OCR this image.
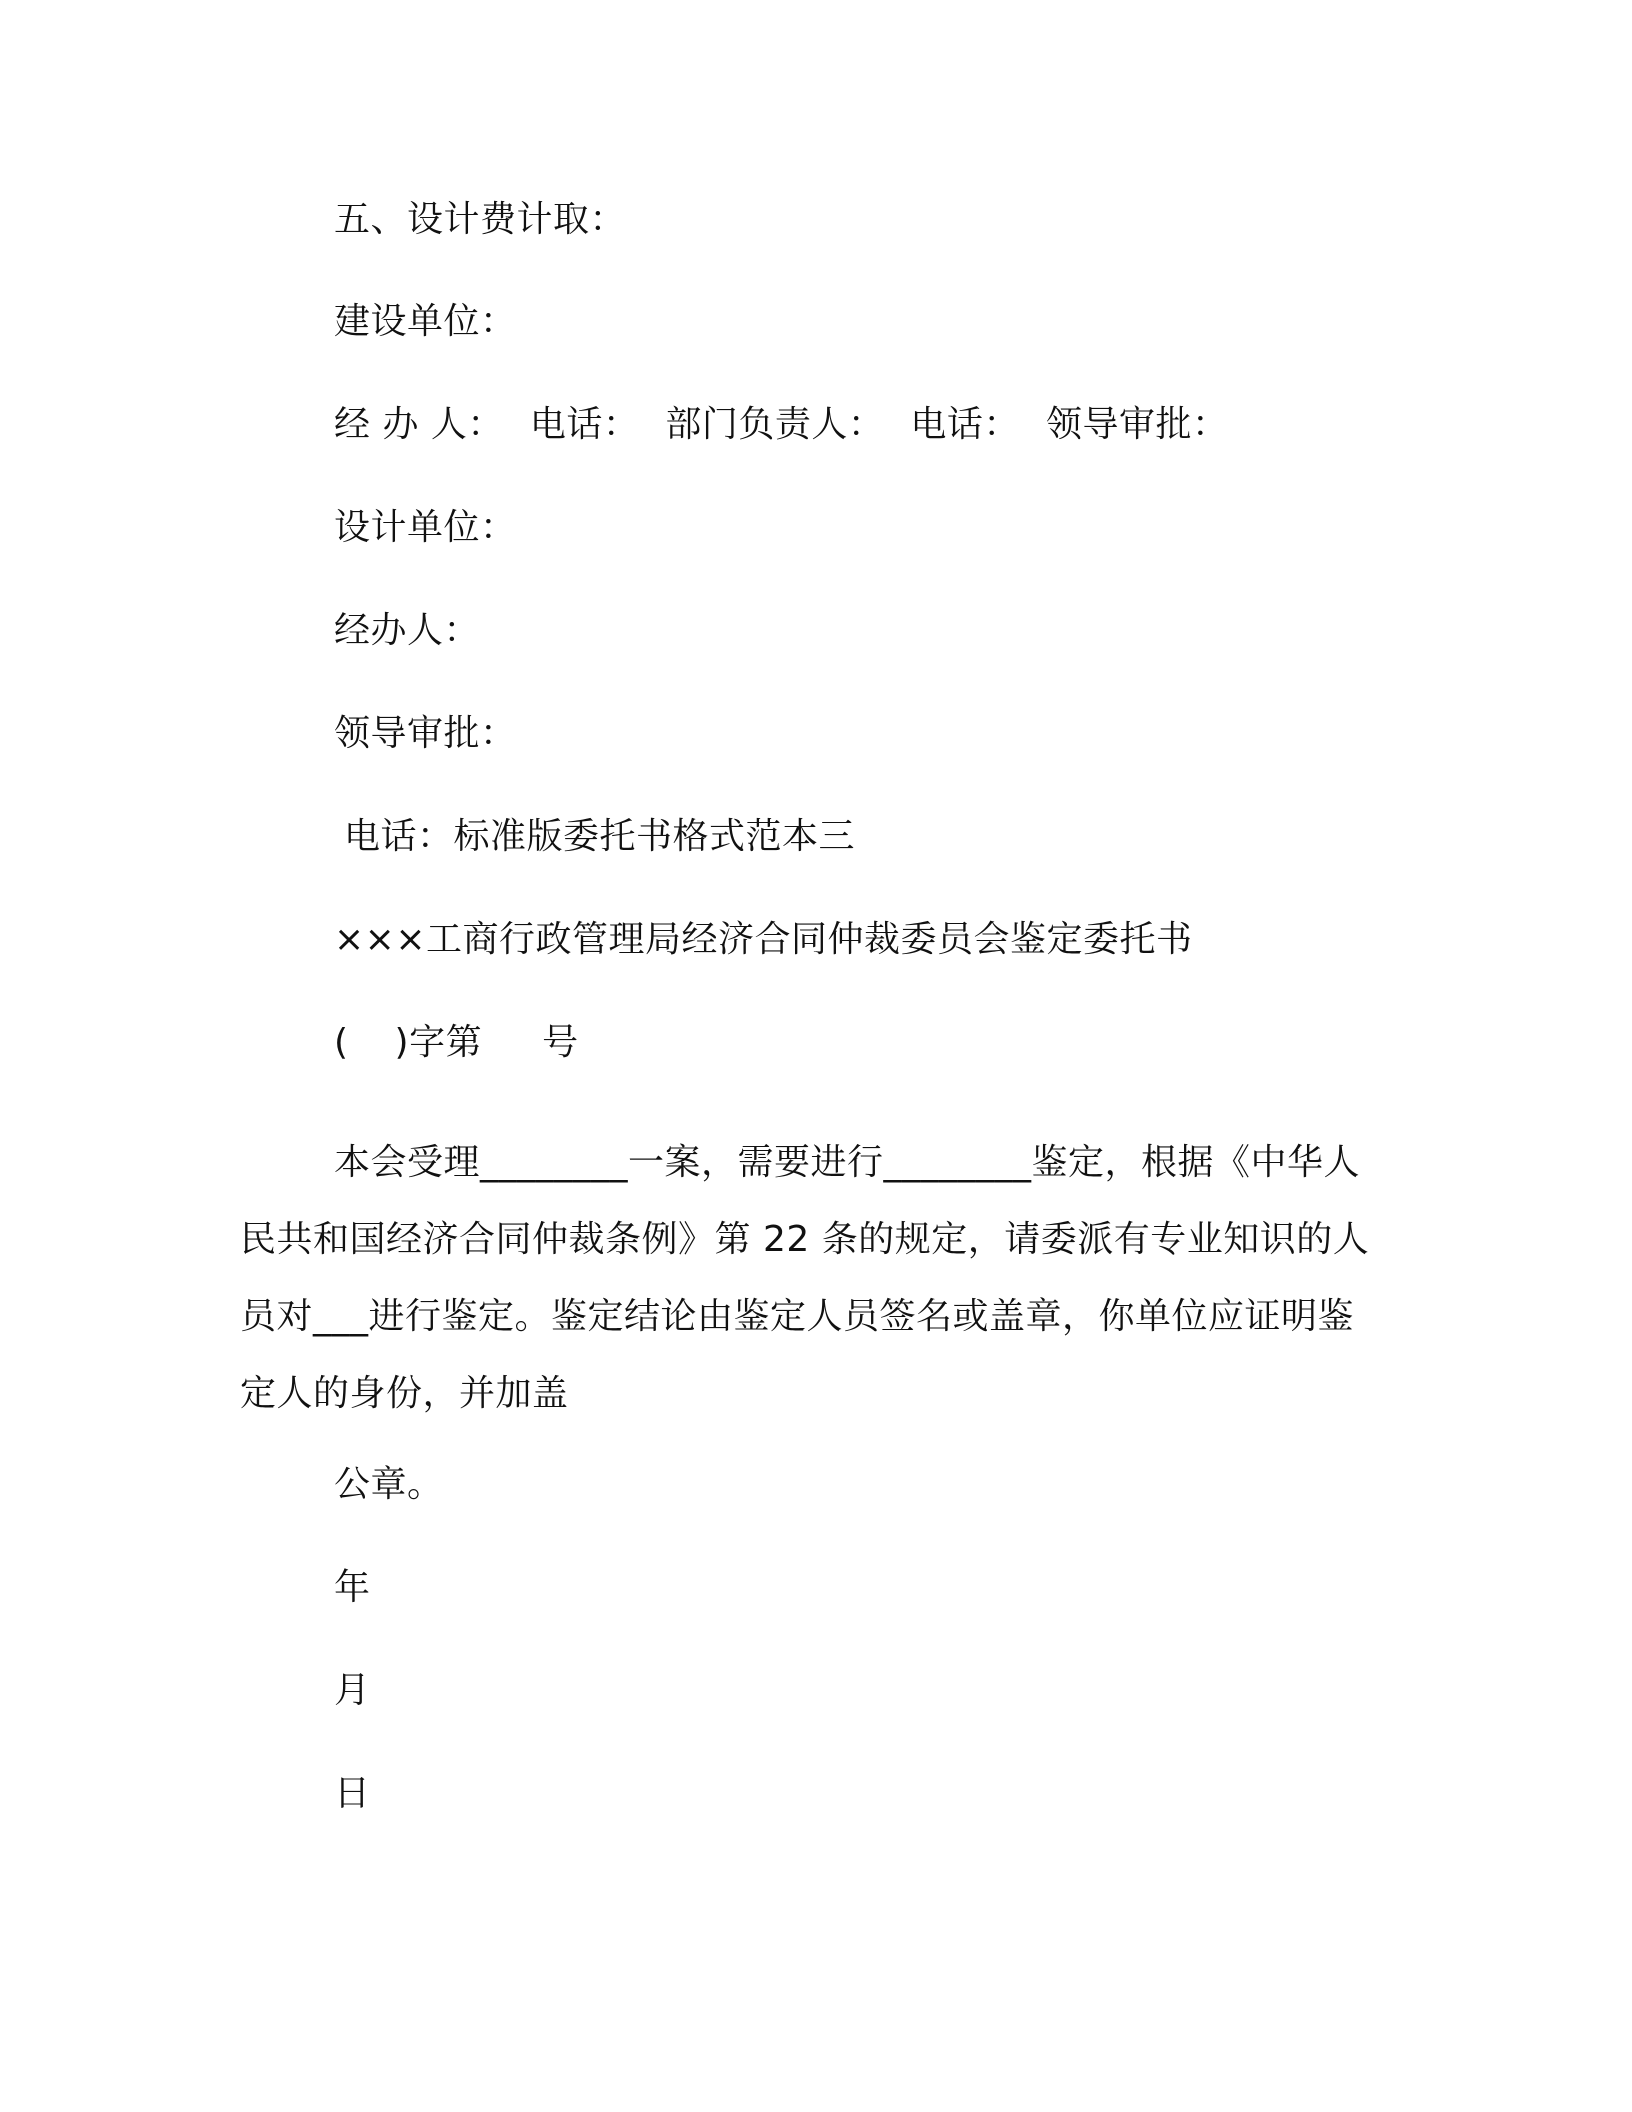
五、设计费计取：
建设单位：
经 办 人： 电话： 部门负责人： 电话： 领导审批：
设计单位：
经办人：
领导审批：
电话：标准版委托书格式范本三
×××工商行政管理局经济合同仲裁委员会鉴定委托书
( )字第 号
本会受理________一案，需要进行________鉴定，根据《中华人民共和国经济合同仲裁条例》第 22 条的规定，请委派有专业知识的人员对___进行鉴定。鉴定结论由鉴定人员签名或盖章，你单位应证明鉴定人的身份，并加盖
公章。
年
月
日
